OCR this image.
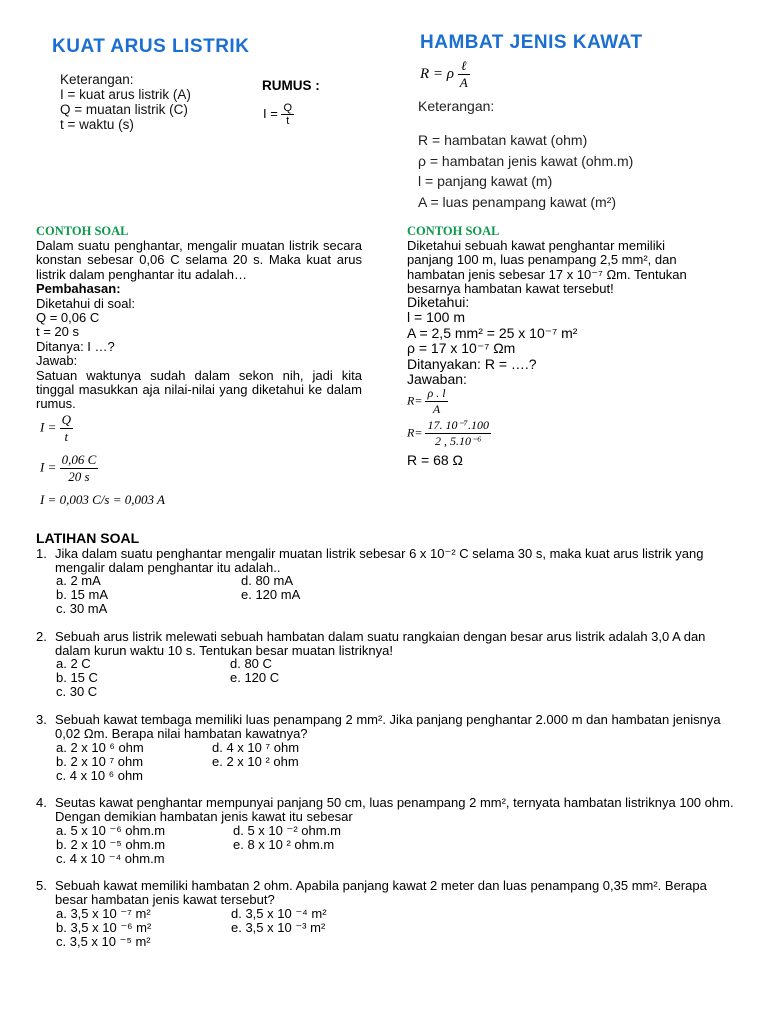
KUAT ARUS LISTRIK
Keterangan:
I = kuat arus listrik (A)
Q = muatan listrik (C)
t = waktu (s)
RUMUS :
$I = \frac{Q}{t}$
HAMBAT JENIS KAWAT
R = ρ $\frac{\text{ℓ}}{A}$
Keterangan:
R = hambatan kawat (ohm)
ρ = hambatan jenis kawat (ohm.m)
l = panjang kawat (m)
A = luas penampang kawat (m²)
CONTOH SOAL
Dalam suatu penghantar, mengalir muatan listrik secara konstan sebesar 0,06 C selama 20 s. Maka kuat arus listrik dalam penghantar itu adalah…
Pembahasan:
Diketahui di soal:
Q = 0,06 C
t = 20 s
Ditanya: I …?
Jawab:
Satuan waktunya sudah dalam sekon nih, jadi kita tinggal masukkan aja nilai-nilai yang diketahui ke dalam rumus.
$I = \frac{Q}{t}$
$I = \frac{0,06 C}{20 s}$
I = 0,003 C/s = 0,003 A
CONTOH SOAL
Diketahui sebuah kawat penghantar memiliki panjang 100 m, luas penampang 2,5 mm², dan hambatan jenis sebesar 17 x 10⁻⁷ Ωm. Tentukan besarnya hambatan kawat tersebut!
Diketahui:
l = 100 m
A = 2,5 mm² = 25 x 10⁻⁷ m²
ρ = 17 x 10⁻⁷ Ωm
Ditanyakan: R = ….?
Jawaban:
$R= \frac{\rho . l}{A}$
$R= \frac{\text{17. 10⁻⁷.100}}{\text{2 , 5.10⁻⁶}}$
R = 68 Ω
LATIHAN SOAL
1. Jika dalam suatu penghantar mengalir muatan listrik sebesar 6 x 10⁻² C selama 30 s, maka kuat arus listrik yang mengalir dalam penghantar itu adalah..
a. 2 mA
b. 15 mA
c. 30 mA
d. 80 mA
e. 120 mA
2. Sebuah arus listrik melewati sebuah hambatan dalam suatu rangkaian dengan besar arus listrik adalah 3,0 A dan dalam kurun waktu 10 s. Tentukan besar muatan listriknya!
a. 2 C
b. 15 C
c. 30 C
d. 80 C
e. 120 C
3. Sebuah kawat tembaga memiliki luas penampang 2 mm². Jika panjang penghantar 2.000 m dan hambatan jenisnya 0,02 Ωm. Berapa nilai hambatan kawatnya?
a. 2 x 10 ⁶ ohm
b. 2 x 10 ⁷ ohm
c. 4 x 10 ⁶ ohm
d. 4 x 10 ⁷ ohm
e. 2 x 10 ² ohm
4. Seutas kawat penghantar mempunyai panjang 50 cm, luas penampang 2 mm², ternyata hambatan listriknya 100 ohm. Dengan demikian hambatan jenis kawat itu sebesar
a. 5 x 10 ⁻⁶ ohm.m
b. 2 x 10 ⁻⁵ ohm.m
c. 4 x 10 ⁻⁴ ohm.m
d. 5 x 10 ⁻² ohm.m
e. 8 x 10 ² ohm.m
5. Sebuah kawat memiliki hambatan 2 ohm. Apabila panjang kawat 2 meter dan luas penampang 0,35 mm². Berapa besar hambatan jenis kawat tersebut?
a. 3,5 x 10 ⁻⁷ m²
b. 3,5 x 10 ⁻⁶ m²
c. 3,5 x 10 ⁻⁵ m²
d. 3,5 x 10 ⁻⁴ m²
e. 3,5 x 10 ⁻³ m²
